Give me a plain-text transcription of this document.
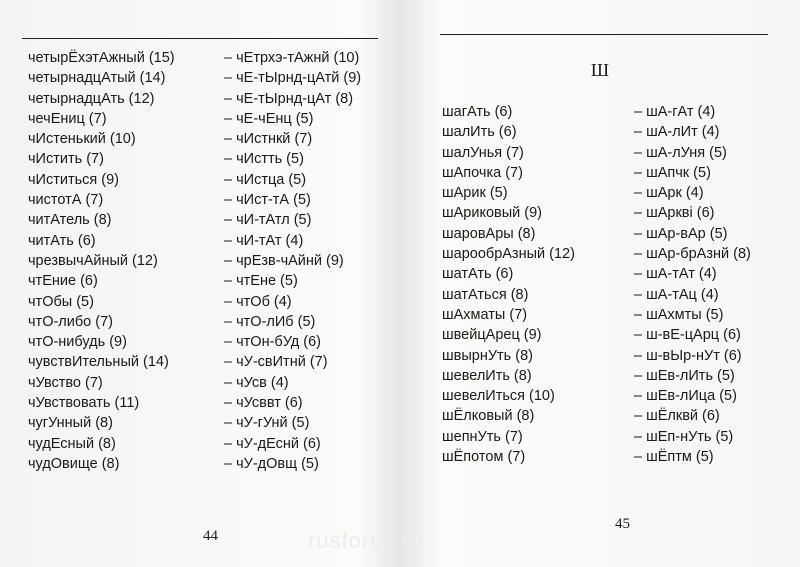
четырЁхэтАжный (15)	– чЕтрхэ-тАжнй (10)
четырнадцАтый (14)	– чЕ-тЫрнд-цАтй (9)
четырнадцАть (12)	– чЕ-тЫрнд-цАт (8)
чечЕниц (7)	– чЕ-чЕнц (5)
чИстенький (10)	– чИстнкй (7)
чИстить (7)	– чИстть (5)
чИститься (9)	– чИстца (5)
чистотА (7)	– чИст-тА (5)
читАтель (8)	– чИ-тАтл (5)
читАть (6)	– чИ-тАт (4)
чрезвычАйный (12)	– чрЕзв-чАйнй (9)
чтЕние (6)	– чтЕне (5)
чтОбы (5)	– чтОб (4)
чтО-либо (7)	– чтО-лИб (5)
чтО-нибудь (9)	– чтОн-бУд (6)
чувствИтельный (14)	– чУ-свИтнй (7)
чУвство (7)	– чУсв (4)
чУвствовать (11)	– чУсввт (6)
чугУнный (8)	– чУ-гУнй (5)
чудЕсный (8)	– чУ-дЕснй (6)
чудОвище (8)	– чУ-дОвщ (5)
44
Ш
шагАть (6)	– шА-гАт (4)
шалИть (6)	– шА-лИт (4)
шалУнья (7)	– шА-лУня (5)
шАпочка (7)	– шАпчк (5)
шАрик (5)	– шАрк (4)
шАриковый (9)	– шАркві (6)
шаровАры (8)	– шАр-вАр (5)
шарообрАзный (12)	– шАр-брАзнй (8)
шатАть (6)	– шА-тАт (4)
шатАться (8)	– шА-тАц (4)
шАхматы (7)	– шАхмты (5)
швейцАрец (9)	– ш-вЕ-цАрц (6)
швырнУть (8)	– ш-вЫр-нУт (6)
шевелИть (8)	– шЕв-лИть (5)
шевелИться (10)	– шЕв-лИца (5)
шЁлковый (8)	– шЁлквй (6)
шепнУть (7)	– шЕп-нУть (5)
шЁпотом (7)	– шЁптм (5)
45
rusforus.ru
